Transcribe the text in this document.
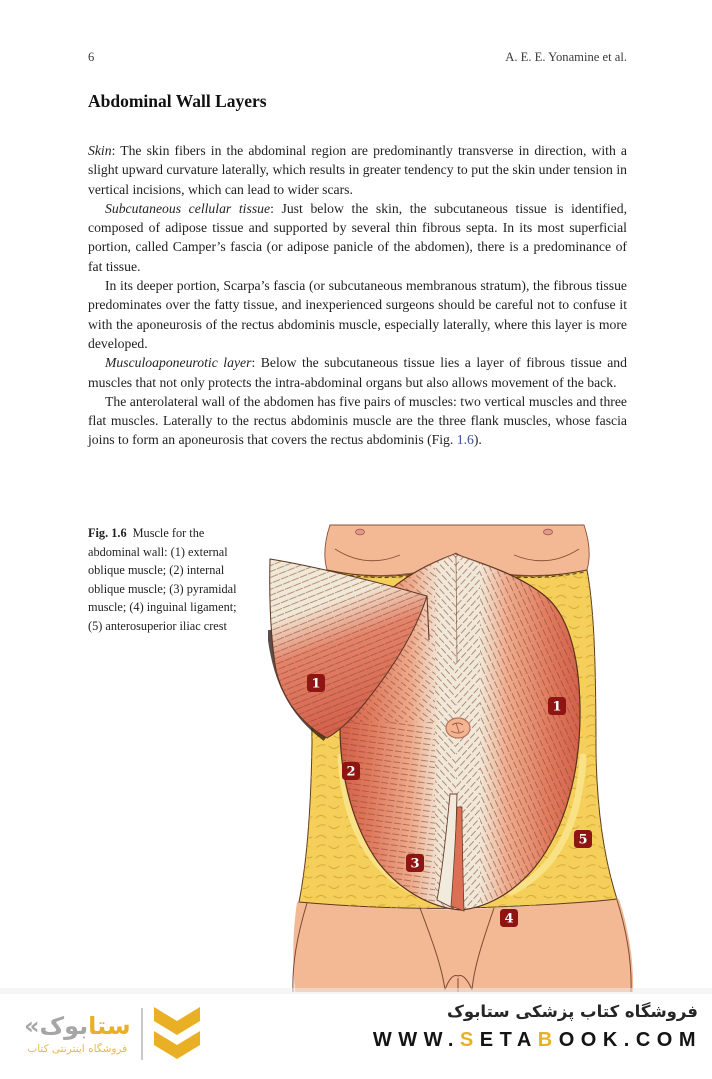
6	A. E. E. Yonamine et al.
Abdominal Wall Layers

Skin: The skin fibers in the abdominal region are predominantly transverse in direction, with a slight upward curvature laterally, which results in greater tendency to put the skin under tension in vertical incisions, which can lead to wider scars.

Subcutaneous cellular tissue: Just below the skin, the subcutaneous tissue is identified, composed of adipose tissue and supported by several thin fibrous septa. In its most superficial portion, called Camper’s fascia (or adipose panicle of the abdomen), there is a predominance of fat tissue.

In its deeper portion, Scarpa’s fascia (or subcutaneous membranous stratum), the fibrous tissue predominates over the fatty tissue, and inexperienced surgeons should be careful not to confuse it with the aponeurosis of the rectus abdominis muscle, especially laterally, where this layer is more developed.

Musculoaponeurotic layer: Below the subcutaneous tissue lies a layer of fibrous tissue and muscles that not only protects the intra-abdominal organs but also allows movement of the back.

The anterolateral wall of the abdomen has five pairs of muscles: two vertical muscles and three flat muscles. Laterally to the rectus abdominis muscle are the three flank muscles, whose fascia joins to form an aponeurosis that covers the rectus abdominis (Fig. 1.6).

Fig. 1.6 Muscle for the abdominal wall: (1) external oblique muscle; (2) internal oblique muscle; (3) pyramidal muscle; (4) inguinal ligament; (5) anterosuperior iliac crest
1
1
2
3
5
4
« بوک ستا
فروشگاه اینترنتی کتاب
فروشگاه کتاب پزشکی ستابوک
WWW.SETABOOK.COM
